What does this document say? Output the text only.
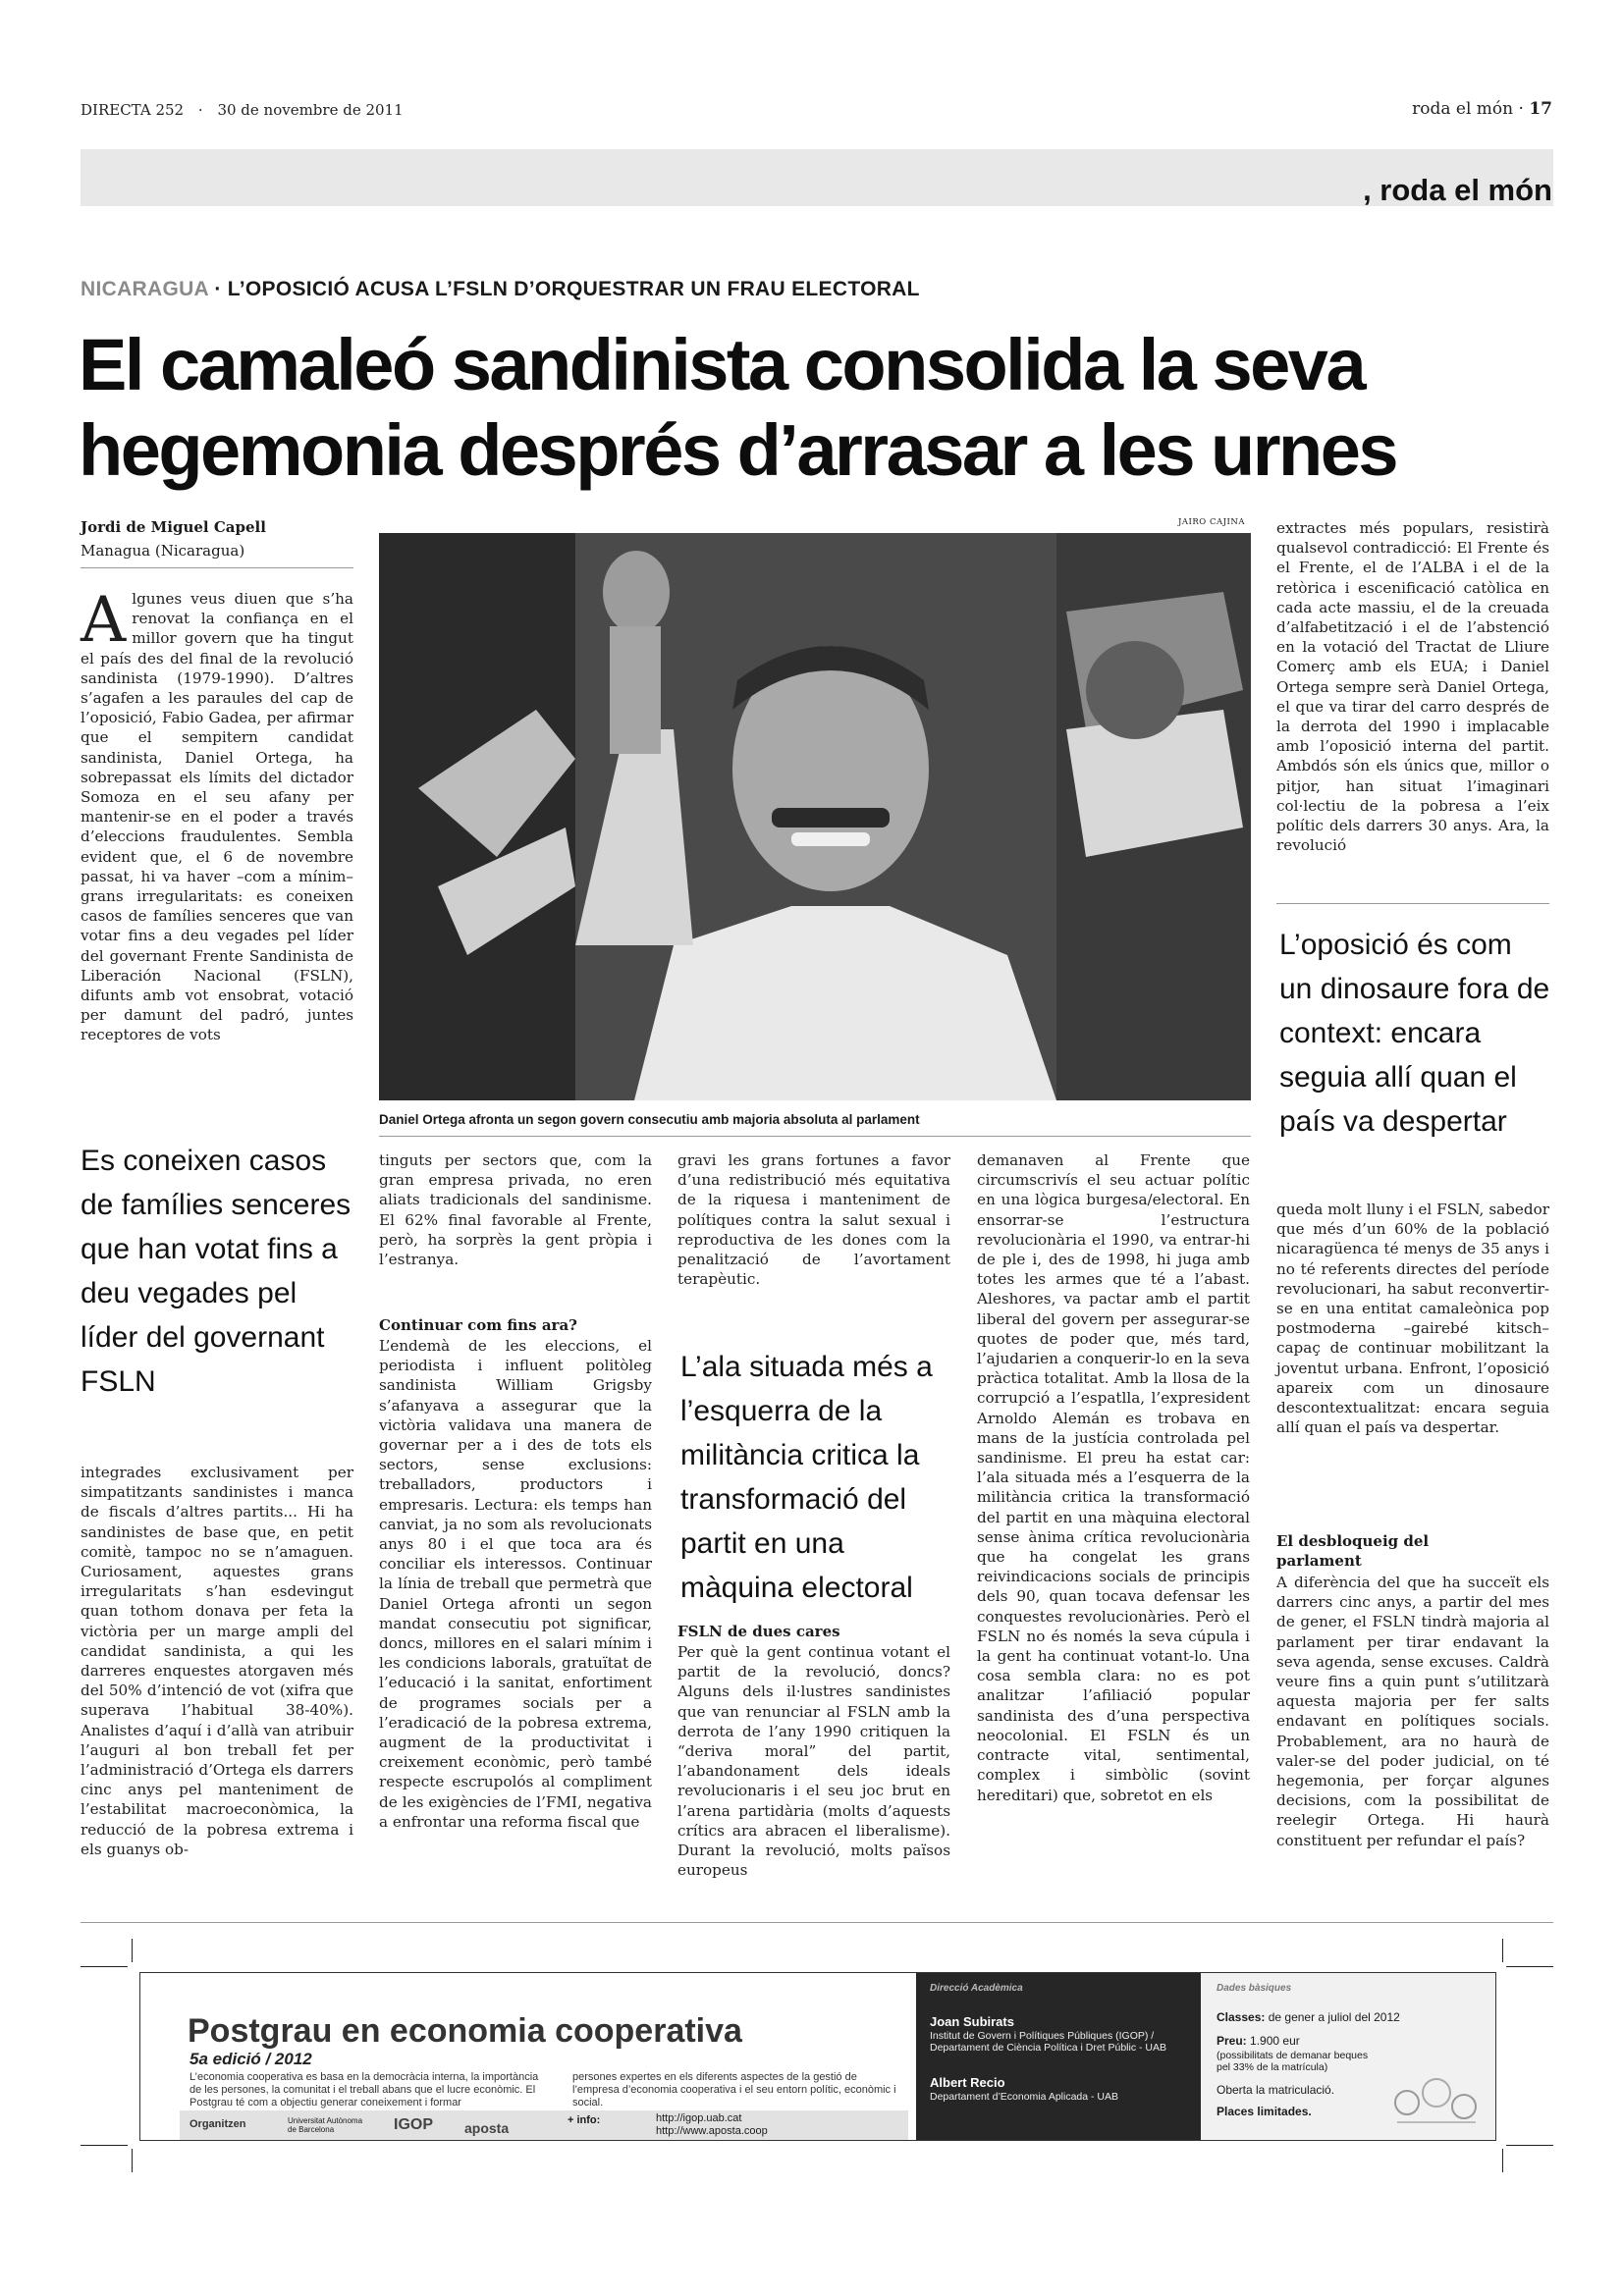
DIRECTA 252 · 30 de novembre de 2011	roda el món · 17
, roda el món
NICARAGUA · L’OPOSICIÓ ACUSA L’FSLN D’ORQUESTRAR UN FRAU ELECTORAL
El camaleó sandinista consolida la seva
hegemonia després d’arrasar a les urnes
Jordi de Miguel Capell
Managua (Nicaragua)
Algunes veus diuen que s’ha renovat la confiança en el millor govern que ha tingut el país des del final de la revolució sandinista (1979-1990). D’altres s’agafen a les paraules del cap de l’oposició, Fabio Gadea, per afirmar que el sempitern candidat sandinista, Daniel Ortega, ha sobrepassat els límits del dictador Somoza en el seu afany per mantenir-se en el poder a través d’eleccions fraudulentes. Sembla evident que, el 6 de novembre passat, hi va haver –com a mínim– grans irregularitats: es coneixen casos de famílies senceres que van votar fins a deu vegades pel líder del governant Frente Sandinista de Liberación Nacional (FSLN), difunts amb vot ensobrat, votació per damunt del padró, juntes receptores de vots
Es coneixen casos de famílies senceres que han votat fins a deu vegades pel líder del governant FSLN
integrades exclusivament per simpatitzants sandinistes i manca de fiscals d’altres partits... Hi ha sandinistes de base que, en petit comitè, tampoc no se n’amaguen. Curiosament, aquestes grans irregularitats s’han esdevingut quan tothom donava per feta la victòria per un marge ampli del candidat sandinista, a qui les darreres enquestes atorgaven més del 50% d’intenció de vot (xifra que superava l’habitual 38-40%). Analistes d’aquí i d’allà van atribuir l’auguri al bon treball fet per l’administració d’Ortega els darrers cinc anys pel manteniment de l’estabilitat macroeconòmica, la reducció de la pobresa extrema i els guanys ob-
JAIRO CAJINA
Daniel Ortega afronta un segon govern consecutiu amb majoria absoluta al parlament
tinguts per sectors que, com la gran empresa privada, no eren aliats tradicionals del sandinisme. El 62% final favorable al Frente, però, ha sorprès la gent pròpia i l’estranya.
Continuar com fins ara?
L’endemà de les eleccions, el periodista i influent politòleg sandinista William Grigsby s’afanyava a assegurar que la victòria validava una manera de governar per a i des de tots els sectors, sense exclusions: treballadors, productors i empresaris. Lectura: els temps han canviat, ja no som als revolucionats anys 80 i el que toca ara és conciliar els interessos. Continuar la línia de treball que permetrà que Daniel Ortega afronti un segon mandat consecutiu pot significar, doncs, millores en el salari mínim i les condicions laborals, gratuïtat de l’educació i la sanitat, enfortiment de programes socials per a l’eradicació de la pobresa extrema, augment de la productivitat i creixement econòmic, però també respecte escrupolós al compliment de les exigències de l’FMI, negativa a enfrontar una reforma fiscal que
gravi les grans fortunes a favor d’una redistribució més equitativa de la riquesa i manteniment de polítiques contra la salut sexual i reproductiva de les dones com la penalització de l’avortament terapèutic.
L’ala situada més a l’esquerra de la militància critica la transformació del partit en una màquina electoral
FSLN de dues cares
Per què la gent continua votant el partit de la revolució, doncs? Alguns dels il·lustres sandinistes que van renunciar al FSLN amb la derrota de l’any 1990 critiquen la “deriva moral” del partit, l’abandonament dels ideals revolucionaris i el seu joc brut en l’arena partidària (molts d’aquests crítics ara abracen el liberalisme). Durant la revolució, molts països europeus
demanaven al Frente que circumscrivís el seu actuar polític en una lògica burgesa/electoral. En ensorrar-se l’estructura revolucionària el 1990, va entrar-hi de ple i, des de 1998, hi juga amb totes les armes que té a l’abast. Aleshores, va pactar amb el partit liberal del govern per assegurar-se quotes de poder que, més tard, l’ajudarien a conquerir-lo en la seva pràctica totalitat. Amb la llosa de la corrupció a l’espatlla, l’expresident Arnoldo Alemán es trobava en mans de la justícia controlada pel sandinisme. El preu ha estat car: l’ala situada més a l’esquerra de la militància critica la transformació del partit en una màquina electoral sense ànima crítica revolucionària que ha congelat les grans reivindicacions socials de principis dels 90, quan tocava defensar les conquestes revolucionàries. Però el FSLN no és només la seva cúpula i la gent ha continuat votant-lo. Una cosa sembla clara: no es pot analitzar l’afiliació popular sandinista des d’una perspectiva neocolonial. El FSLN és un contracte vital, sentimental, complex i simbòlic (sovint hereditari) que, sobretot en els
extractes més populars, resistirà qualsevol contradicció: El Frente és el Frente, el de l’ALBA i el de la retòrica i escenificació catòlica en cada acte massiu, el de la creuada d’alfabetització i el de l’abstenció en la votació del Tractat de Lliure Comerç amb els EUA; i Daniel Ortega sempre serà Daniel Ortega, el que va tirar del carro després de la derrota del 1990 i implacable amb l’oposició interna del partit. Ambdós són els únics que, millor o pitjor, han situat l’imaginari col·lectiu de la pobresa a l’eix polític dels darrers 30 anys. Ara, la revolució
L’oposició és com un dinosaure fora de context: encara seguia allí quan el país va despertar
queda molt lluny i el FSLN, sabedor que més d’un 60% de la població nicaragüenca té menys de 35 anys i no té referents directes del període revolucionari, ha sabut reconvertir-se en una entitat camaleònica pop postmoderna –gairebé kitsch– capaç de continuar mobilitzant la joventut urbana. Enfront, l’oposició apareix com un dinosaure descontextualitzat: encara seguia allí quan el país va despertar.
El desbloqueig del parlament
A diferència del que ha succeït els darrers cinc anys, a partir del mes de gener, el FSLN tindrà majoria al parlament per tirar endavant la seva agenda, sense excuses. Caldrà veure fins a quin punt s’utilitzarà aquesta majoria per fer salts endavant en polítiques socials. Probablement, ara no haurà de valer-se del poder judicial, on té hegemonia, per forçar algunes decisions, com la possibilitat de reelegir Ortega. Hi haurà constituent per refundar el país?
Postgrau en economia cooperativa
5a edició / 2012
L’economia cooperativa es basa en la democràcia interna, la importància de les persones, la comunitat i el treball abans que el lucre econòmic. El Postgrau té com a objectiu generar coneixement i formar
persones expertes en els diferents aspectes de la gestió de l’empresa d’economia cooperativa i el seu entorn polític, econòmic i social.
Organitzen	Universitat Autònoma de Barcelona	IGOP aposta	+ info:	http://igop.uab.cat
http://www.aposta.coop
Direcció Acadèmica
Joan Subirats
Institut de Govern i Polítiques Públiques (IGOP) / Departament de Ciència Política i Dret Públic - UAB
Albert Recio
Departament d’Economia Aplicada - UAB
Dades bàsiques
Classes: de gener a juliol del 2012
Preu: 1.900 eur
(possibilitats de demanar beques pel 33% de la matrícula)
Oberta la matriculació.
Places limitades.
